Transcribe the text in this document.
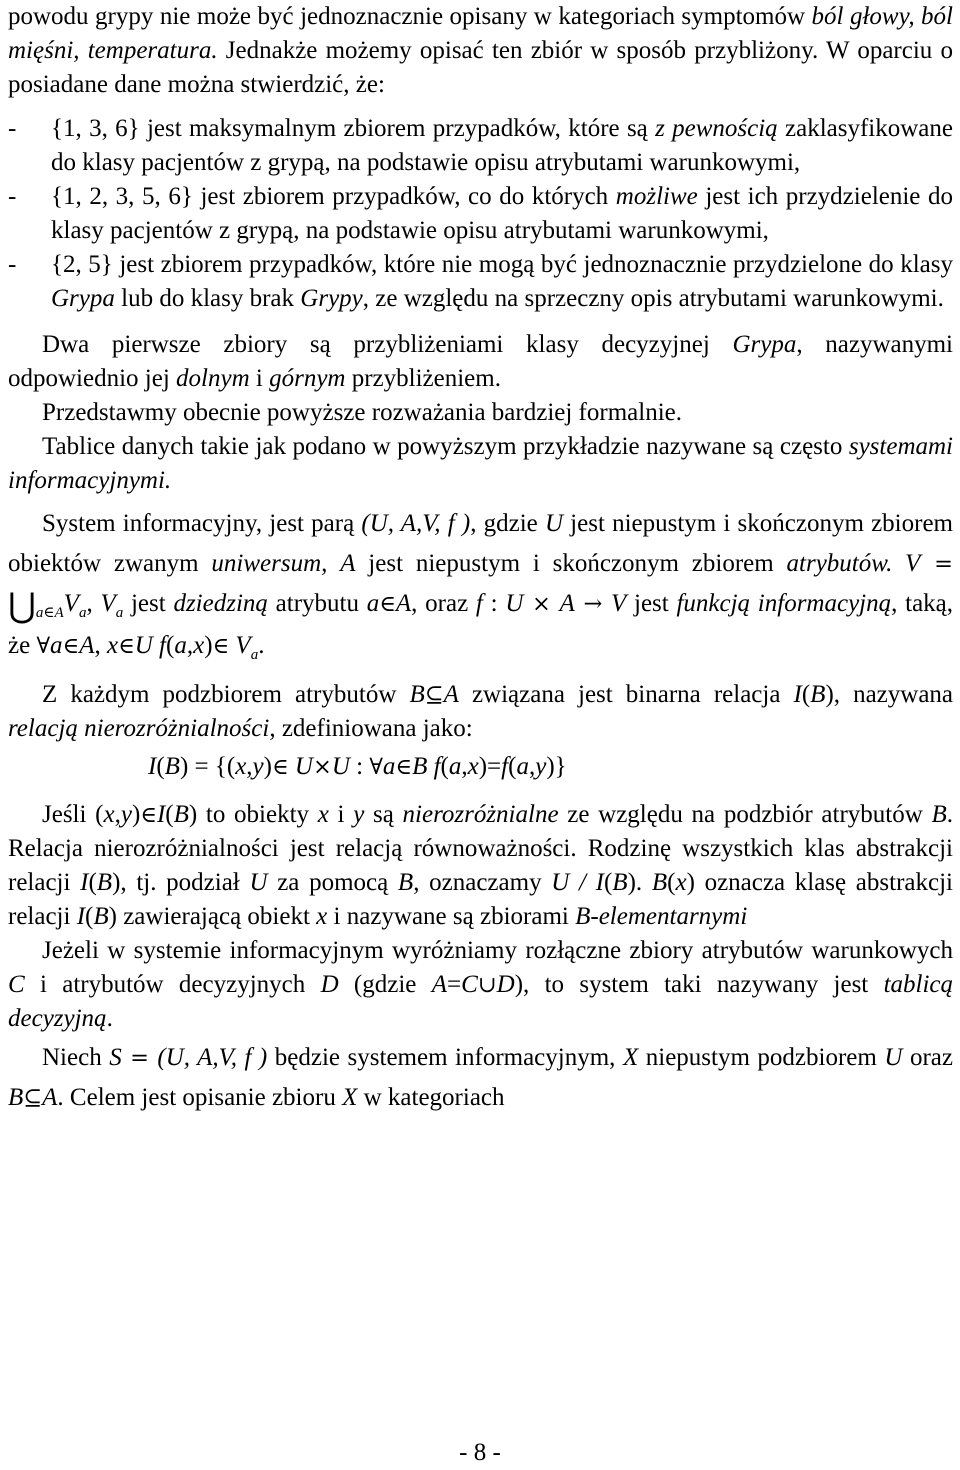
powodu grypy nie może być jednoznacznie opisany w kategoriach symptomów ból głowy, ból mięśni, temperatura. Jednakże możemy opisać ten zbiór w sposób przybliżony. W oparciu o posiadane dane można stwierdzić, że:

- {1, 3, 6} jest maksymalnym zbiorem przypadków, które są z pewnością zaklasyfikowane do klasy pacjentów z grypą, na podstawie opisu atrybutami warunkowymi,

- {1, 2, 3, 5, 6} jest zbiorem przypadków, co do których możliwe jest ich przydzielenie do klasy pacjentów z grypą, na podstawie opisu atrybutami warunkowymi,

- {2, 5} jest zbiorem przypadków, które nie mogą być jednoznacznie przydzielone do klasy Grypa lub do klasy brak Grypy, ze względu na sprzeczny opis atrybutami warunkowymi.

Dwa pierwsze zbiory są przybliżeniami klasy decyzyjnej Grypa, nazywanymi odpowiednio jej dolnym i górnym przybliżeniem.

Przedstawmy obecnie powyższe rozważania bardziej formalnie.

Tablice danych takie jak podano w powyższym przykładzie nazywane są często systemami informacyjnymi.

System informacyjny, jest parą (U, A,V, f ), gdzie U jest niepustym i skończonym zbiorem obiektów zwanym uniwersum, A jest niepustym i skończonym zbiorem atrybutów. $V = ⋃_{a\in A}V_a$, $V_a$ jest dziedziną atrybutu a∈A, oraz f : U × A → V jest funkcją informacyjną, taką, że ∀a∈A, x∈U f(a,x)∈ $V_a$.

Z każdym podzbiorem atrybutów B⊆A związana jest binarna relacja I(B), nazywana relacją nierozróżnialności, zdefiniowana jako:

I(B) = {(x,y)∈ U×U : ∀a∈B f(a,x)=f(a,y)}

Jeśli (x,y)∈I(B) to obiekty x i y są nierozróżnialne ze względu na podzbiór atrybutów B. Relacja nierozróżnialności jest relacją równoważności. Rodzinę wszystkich klas abstrakcji relacji I(B), tj. podział U za pomocą B, oznaczamy U / I(B). B(x) oznacza klasę abstrakcji relacji I(B) zawierającą obiekt x i nazywane są zbiorami B-elementarnymi

Jeżeli w systemie informacyjnym wyróżniamy rozłączne zbiory atrybutów warunkowych C i atrybutów decyzyjnych D (gdzie A=C∪D), to system taki nazywany jest tablicą decyzyjną.

Niech S = (U, A,V, f ) będzie systemem informacyjnym, X niepustym podzbiorem U oraz B⊆A. Celem jest opisanie zbioru X w kategoriach

- 8 -
